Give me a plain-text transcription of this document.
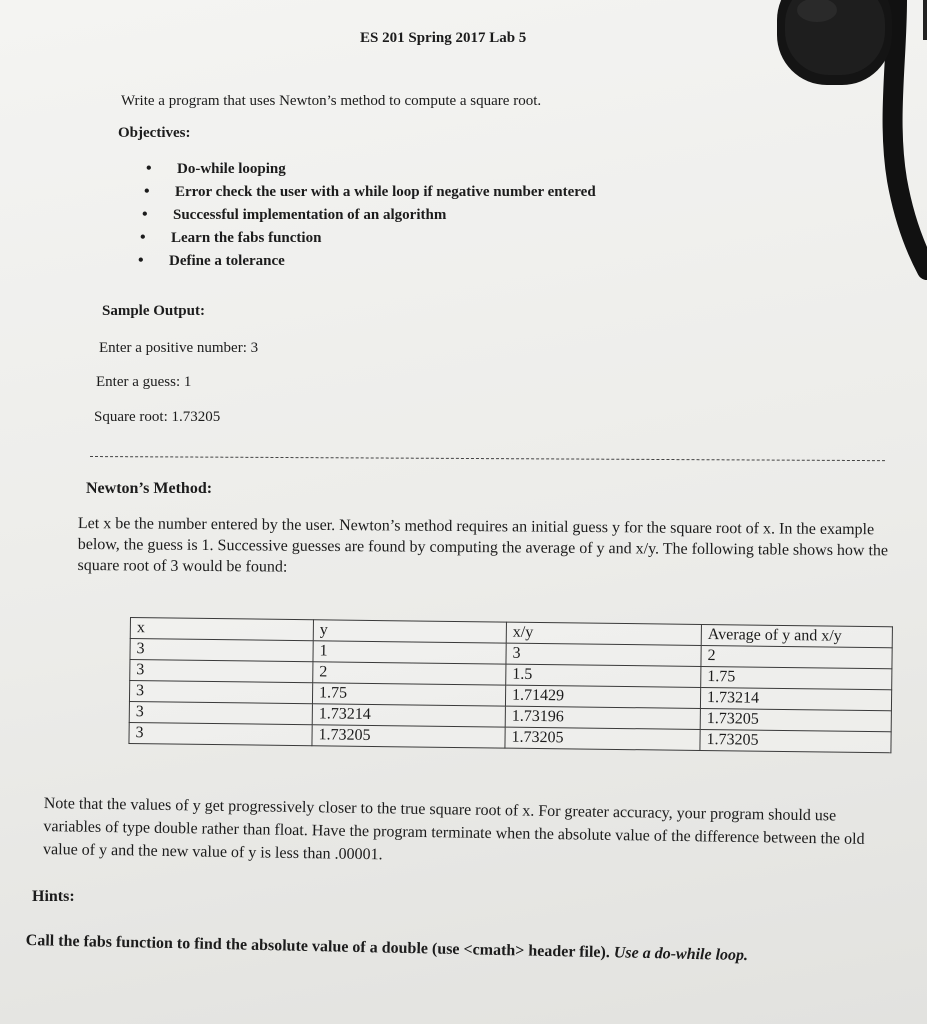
ES 201 Spring 2017 Lab 5
Write a program that uses Newton’s method to compute a square root.
Objectives:
• Do-while looping
• Error check the user with a while loop if negative number entered
• Successful implementation of an algorithm
• Learn the fabs function
• Define a tolerance
Sample Output:
Enter a positive number: 3
Enter a guess: 1
Square root: 1.73205
Newton’s Method:
Let x be the number entered by the user. Newton’s method requires an initial guess y for the square root of x. In the example below, the guess is 1. Successive guesses are found by computing the average of y and x/y. The following table shows how the square root of 3 would be found:
x	y	x/y	Average of y and x/y
3	1	3	2
3	2	1.5	1.75
3	1.75	1.71429	1.73214
3	1.73214	1.73196	1.73205
3	1.73205	1.73205	1.73205
Note that the values of y get progressively closer to the true square root of x. For greater accuracy, your program should use variables of type double rather than float. Have the program terminate when the absolute value of the difference between the old value of y and the new value of y is less than .00001.
Hints:
Call the fabs function to find the absolute value of a double (use <cmath> header file). Use a do-while loop.
